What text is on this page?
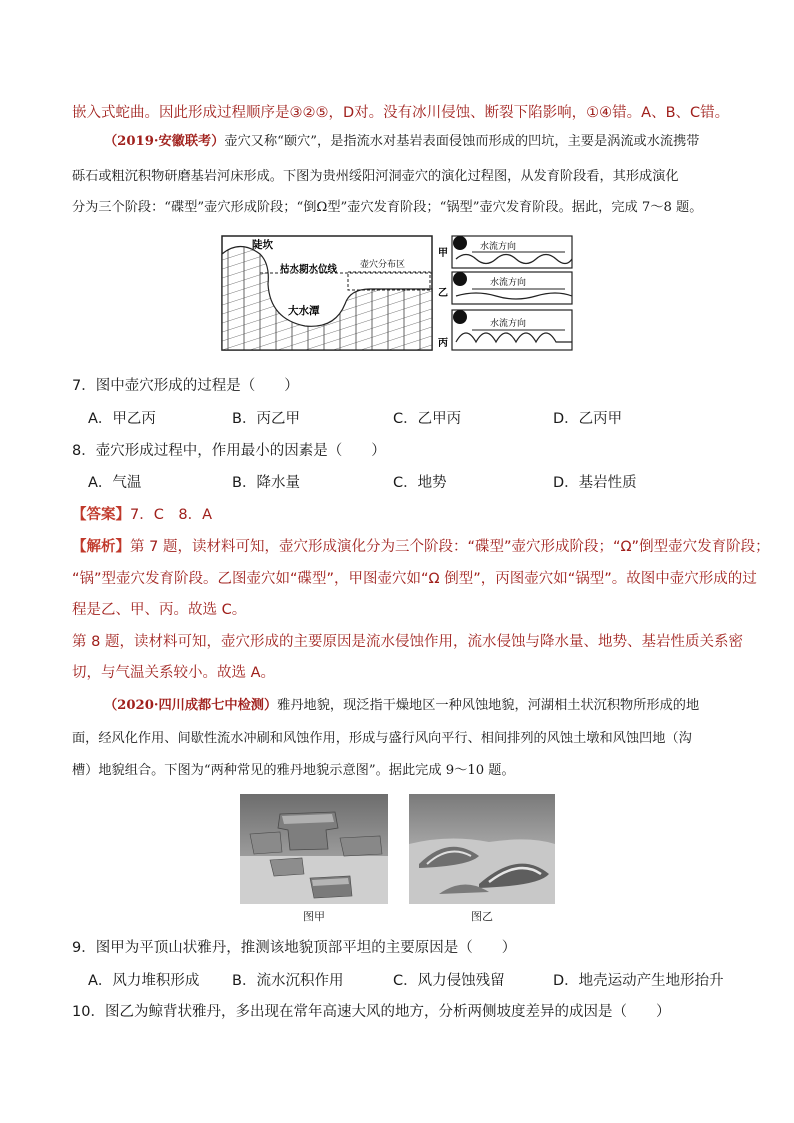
嵌入式蛇曲。因此形成过程顺序是③②⑤，D对。没有冰川侵蚀、断裂下陷影响，①④错。A、B、C错。
（2019·安徽联考）壶穴又称“颐穴”，是指流水对基岩表面侵蚀而形成的凹坑，主要是涡流或水流携带
砾石或粗沉积物研磨基岩河床形成。下图为贵州绥阳河洞壶穴的演化过程图，从发育阶段看，其形成演化
分为三个阶段：“碟型”壶穴形成阶段；“倒Ω型”壶穴发育阶段；“锅型”壶穴发育阶段。据此，完成 7～8 题。
陡坎
枯水期水位线	壶穴分布区
大水潭
甲
水流方向
乙
水流方向
丙
水流方向
7．图中壶穴形成的过程是（　　）
A．甲乙丙	B．丙乙甲	C．乙甲丙	D．乙丙甲
8．壶穴形成过程中，作用最小的因素是（　　）
A．气温	B．降水量	C．地势	D．基岩性质
【答案】7．C　8．A
【解析】第 7 题，读材料可知，壶穴形成演化分为三个阶段：“碟型”壶穴形成阶段；“Ω”倒型壶穴发育阶段；
“锅”型壶穴发育阶段。乙图壶穴如“碟型”，甲图壶穴如“Ω 倒型”，丙图壶穴如“锅型”。故图中壶穴形成的过
程是乙、甲、丙。故选 C。
第 8 题，读材料可知，壶穴形成的主要原因是流水侵蚀作用，流水侵蚀与降水量、地势、基岩性质关系密
切，与气温关系较小。故选 A。
（2020·四川成都七中检测）雅丹地貌，现泛指干燥地区一种风蚀地貌，河湖相土状沉积物所形成的地
面，经风化作用、间歇性流水冲刷和风蚀作用，形成与盛行风向平行、相间排列的风蚀土墩和风蚀凹地（沟
槽）地貌组合。下图为“两种常见的雅丹地貌示意图”。据此完成 9～10 题。
图甲	图乙
9．图甲为平顶山状雅丹，推测该地貌顶部平坦的主要原因是（　　）
A．风力堆积形成 B．流水沉积作用	C．风力侵蚀残留	D．地壳运动产生地形抬升
10．图乙为鲸背状雅丹，多出现在常年高速大风的地方，分析两侧坡度差异的成因是（　　）
